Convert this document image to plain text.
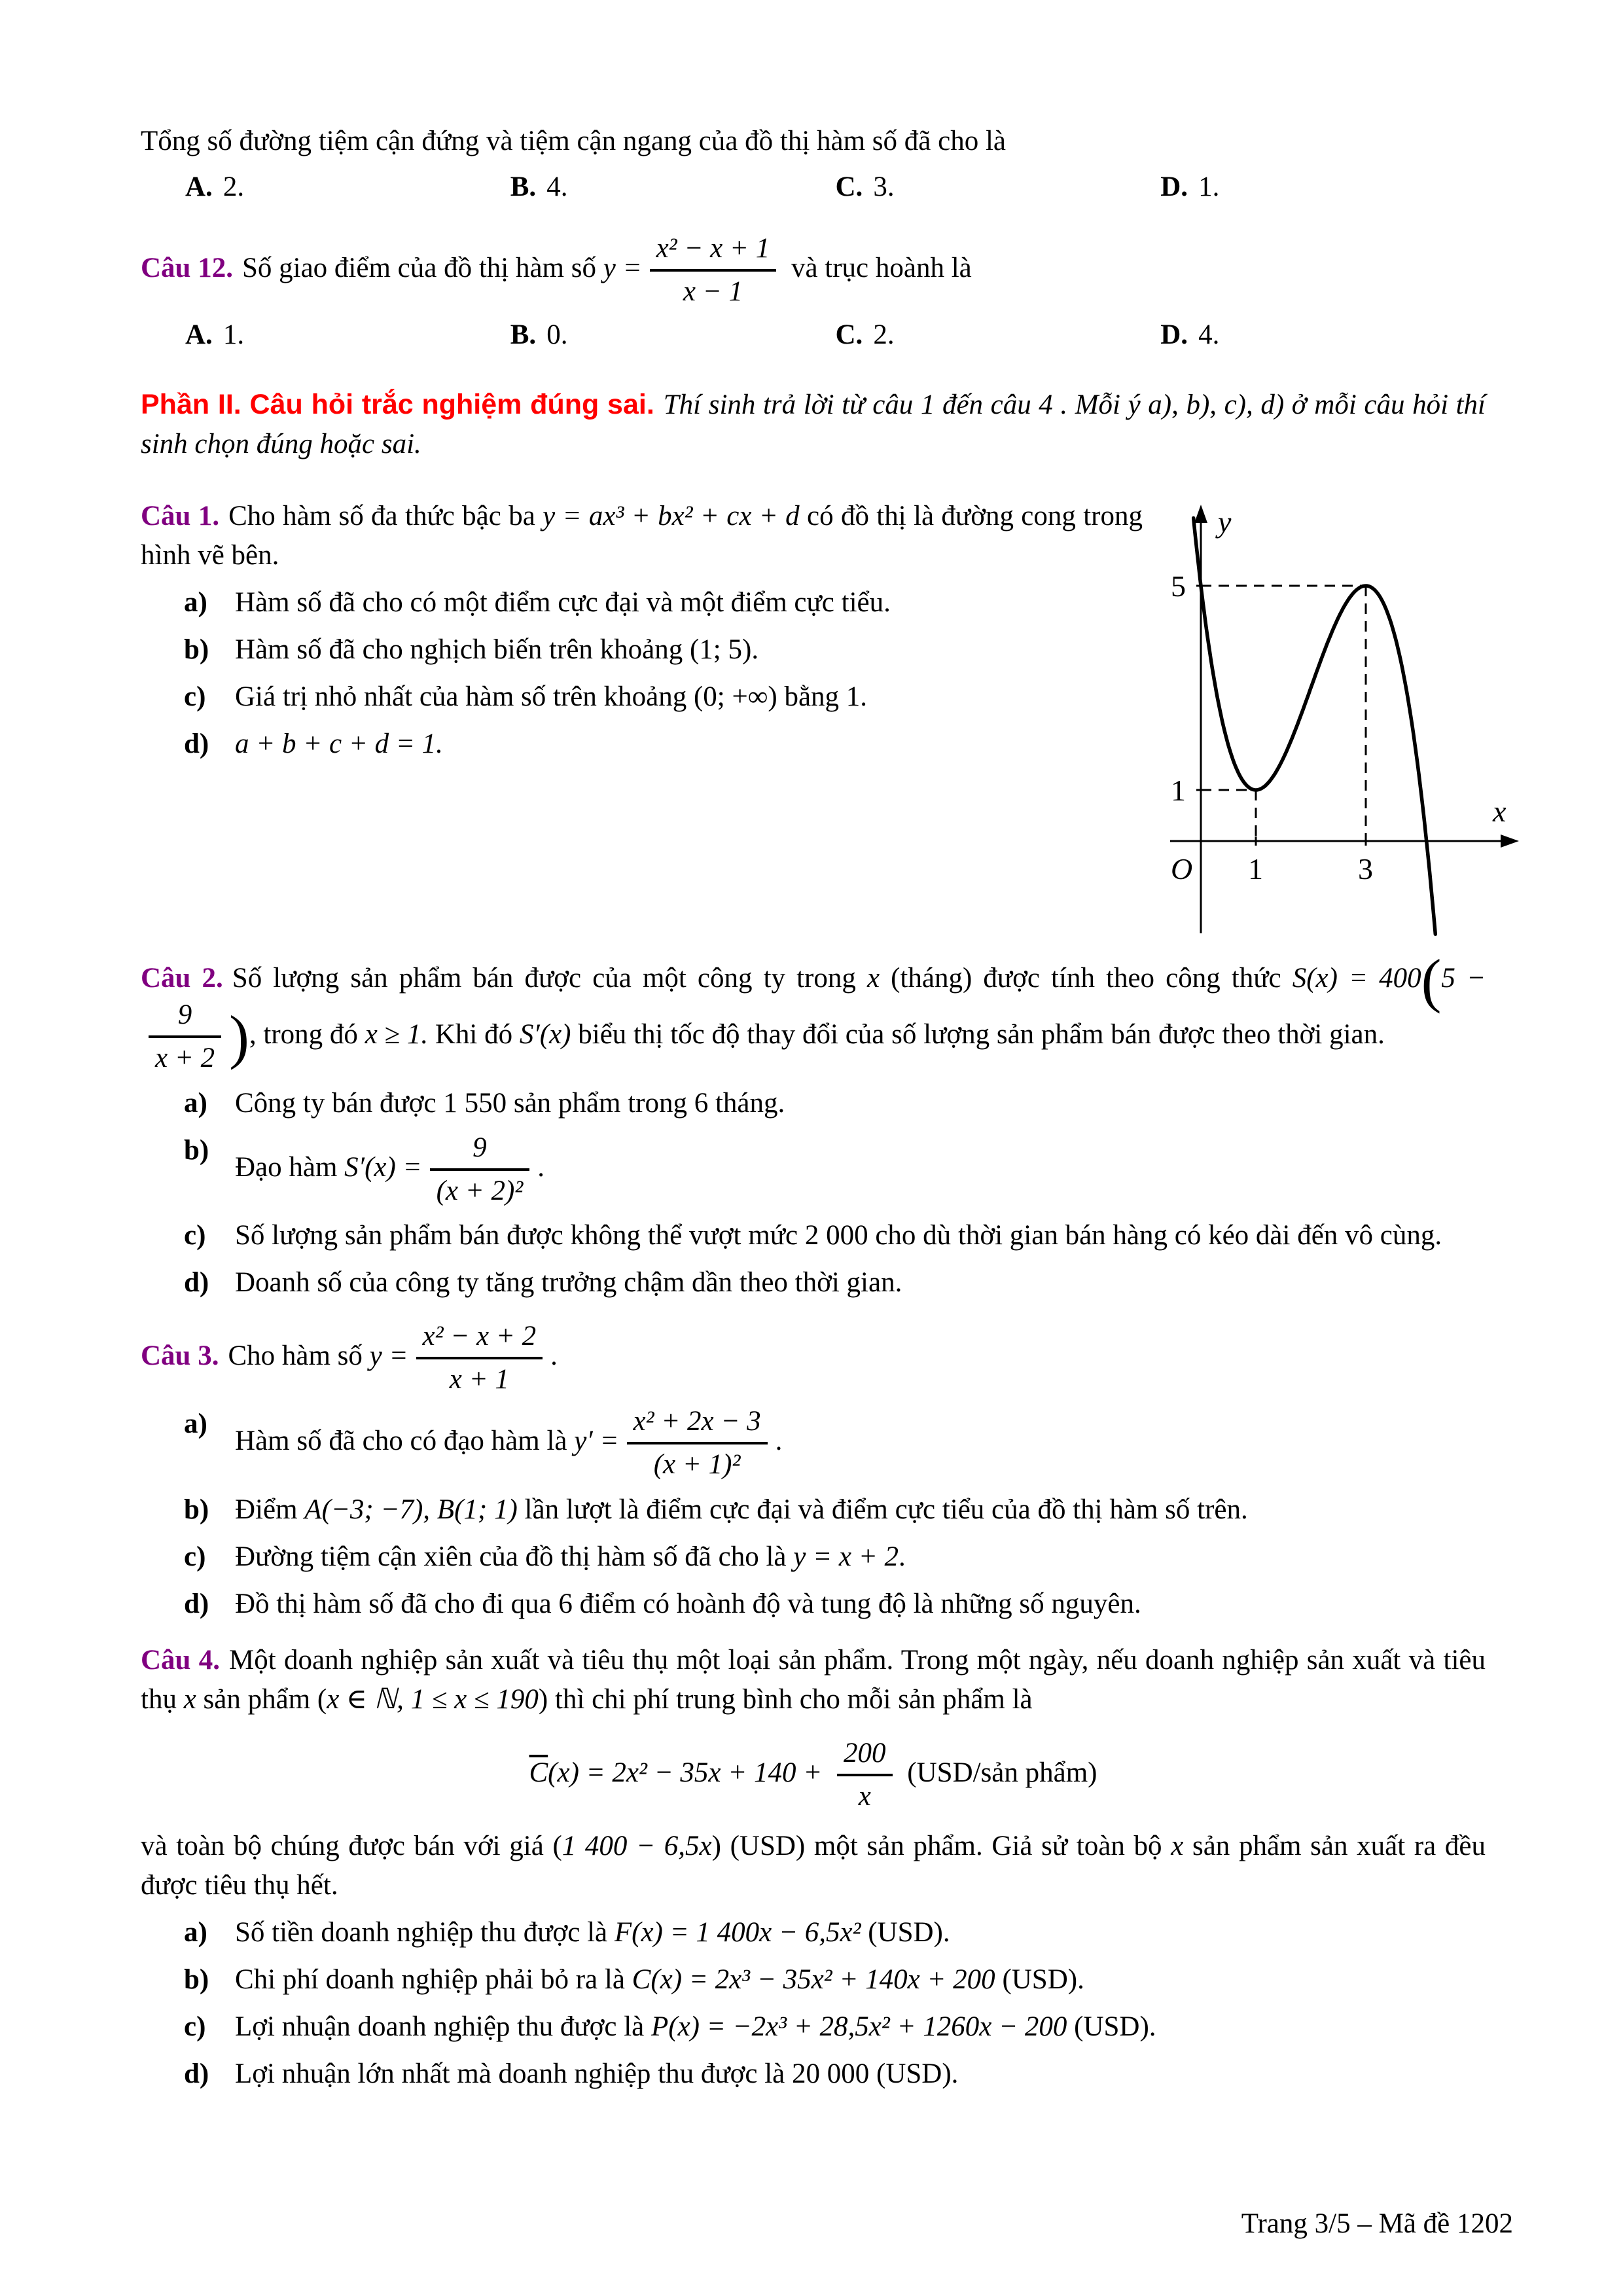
Tổng số đường tiệm cận đứng và tiệm cận ngang của đồ thị hàm số đã cho là

A. 2.	B. 4.	C. 3.	D. 1.

Câu 12. Số giao điểm của đồ thị hàm số $y = \frac{\text{x² − x + 1}}{x - 1}$ và trục hoành là

A. 1.	B. 0.	C. 2.	D. 4.

Phần II. Câu hỏi trắc nghiệm đúng sai. Thí sinh trả lời từ câu 1 đến câu 4 . Mỗi ý a), b), c), d) ở mỗi câu hỏi thí sinh chọn đúng hoặc sai.

1	3
1
5
O
x
y

Câu 1. Cho hàm số đa thức bậc ba y = ax³ + bx² + cx + d có đồ thị là đường cong trong hình vẽ bên.

a) Hàm số đã cho có một điểm cực đại và một điểm cực tiểu.
b) Hàm số đã cho nghịch biến trên khoảng (1; 5).
c)	Giá trị nhỏ nhất của hàm số trên khoảng (0; +∞) bằng 1.
d) a + b + c + d = 1.

Câu 2. Số lượng sản phẩm bán được của một công ty trong x (tháng) được tính theo công thức S(x) = 400(5 −
$\frac{9}{x + 2}$ ), trong đó x ≥ 1. Khi đó S′(x) biểu thị tốc độ thay đổi của số lượng sản phẩm bán được theo thời gian.

a) Công ty bán được 1 550 sản phẩm trong 6 tháng.
b)
Đạo hàm $S'(x) = \frac{9}{\text{(x + 2)²}}$ .
c)	Số lượng sản phẩm bán được không thể vượt mức 2 000 cho dù thời gian bán hàng có kéo dài đến vô cùng.
d) Doanh số của công ty tăng trưởng chậm dần theo thời gian.

Câu 3. Cho hàm số $y = \frac{\text{x² − x + 2}}{x + 1}$ .

a)
Hàm số đã cho có đạo hàm là $y' = \frac{\text{x² + 2x − 3}}{\text{(x + 1)²}}$ .
b) Điểm A(−3; −7), B(1; 1) lần lượt là điểm cực đại và điểm cực tiểu của đồ thị hàm số trên.
c)	Đường tiệm cận xiên của đồ thị hàm số đã cho là y = x + 2.
d) Đồ thị hàm số đã cho đi qua 6 điểm có hoành độ và tung độ là những số nguyên.

Câu 4. Một doanh nghiệp sản xuất và tiêu thụ một loại sản phẩm. Trong một ngày, nếu doanh nghiệp sản xuất và tiêu thụ x sản phẩm (x ∈ ℕ, 1 ≤ x ≤ 190) thì chi phí trung bình cho mỗi sản phẩm là

$\overline{C}(x) = 2x^2 - 35x + 140 + \frac{200}{x}$ (USD/sản phẩm)

và toàn bộ chúng được bán với giá (1 400 − 6,5x) (USD) một sản phẩm. Giả sử toàn bộ x sản phẩm sản xuất ra đều được tiêu thụ hết.

a) Số tiền doanh nghiệp thu được là F(x) = 1 400x − 6,5x² (USD).
b) Chi phí doanh nghiệp phải bỏ ra là C(x) = 2x³ − 35x² + 140x + 200 (USD).
c)	Lợi nhuận doanh nghiệp thu được là P(x) = −2x³ + 28,5x² + 1260x − 200 (USD).
d) Lợi nhuận lớn nhất mà doanh nghiệp thu được là 20 000 (USD).
Trang 3/5 – Mã đề 1202
